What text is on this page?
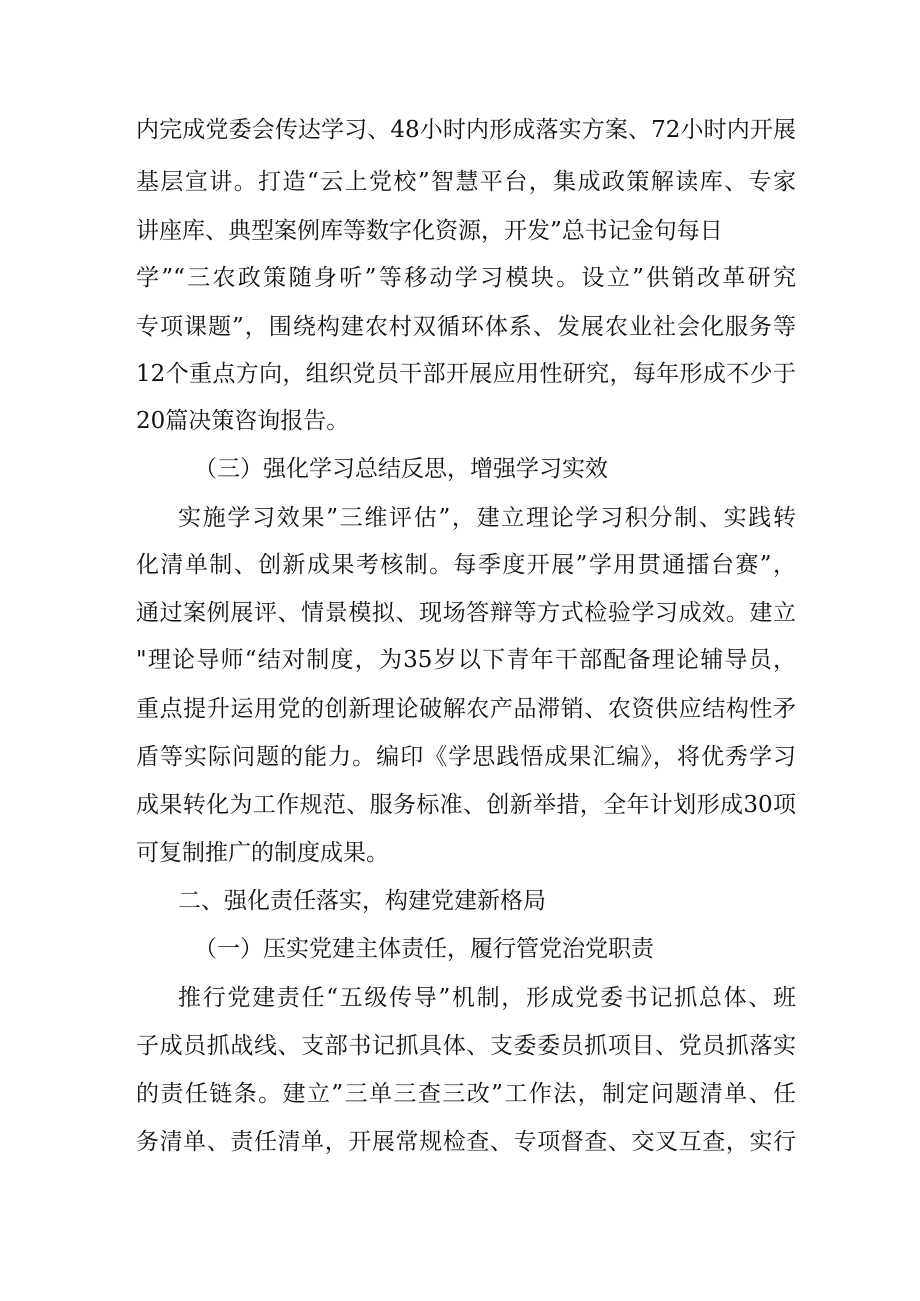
内完成党委会传达学习、48小时内形成落实方案、72小时内开展
基层宣讲。打造“云上党校”智慧平台，集成政策解读库、专家
讲座库、典型案例库等数字化资源，开发”总书记金句每日
学”“三农政策随身听”等移动学习模块。设立”供销改革研究
专项课题”，围绕构建农村双循环体系、发展农业社会化服务等
12个重点方向，组织党员干部开展应用性研究，每年形成不少于
20篇决策咨询报告。
（三）强化学习总结反思，增强学习实效
实施学习效果”三维评估”，建立理论学习积分制、实践转
化清单制、创新成果考核制。每季度开展”学用贯通擂台赛”，
通过案例展评、情景模拟、现场答辩等方式检验学习成效。建立
"理论导师“结对制度，为35岁以下青年干部配备理论辅导员，
重点提升运用党的创新理论破解农产品滞销、农资供应结构性矛
盾等实际问题的能力。编印《学思践悟成果汇编》，将优秀学习
成果转化为工作规范、服务标准、创新举措，全年计划形成30项
可复制推广的制度成果。
二、强化责任落实，构建党建新格局
（一）压实党建主体责任，履行管党治党职责
推行党建责任“五级传导”机制，形成党委书记抓总体、班
子成员抓战线、支部书记抓具体、支委委员抓项目、党员抓落实
的责任链条。建立”三单三查三改”工作法，制定问题清单、任
务清单、责任清单，开展常规检查、专项督查、交叉互查，实行
